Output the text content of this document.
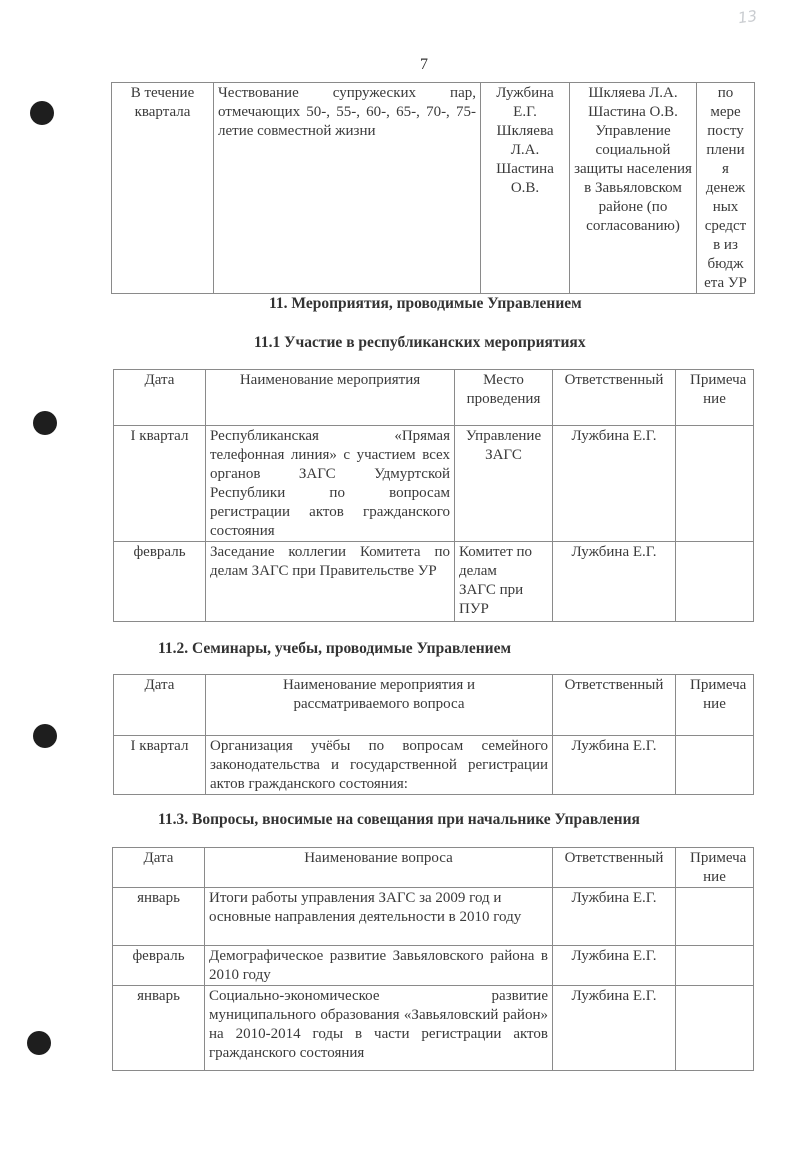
13
7
В течение квартала	Чествование супружеских пар, отмечающих 50-, 55-, 60-, 65-, 70-, 75-летие совместной жизни	Лужбина Е.Г. Шкляева Л.А. Шастина О.В.	Шкляева Л.А. Шастина О.В. Управление социальной защиты населения в Завьяловском районе (по согласованию)	по мере посту плени я денеж ных средст в из бюдж ета УР
11. Мероприятия, проводимые Управлением
11.1 Участие в республиканских мероприятиях
Дата	Наименование мероприятия	Место проведения	Ответственный	Примеча ние
I квартал	Республиканская «Прямая телефонная линия» с участием всех органов ЗАГС Удмуртской Республики по вопросам регистрации актов гражданского состояния	Управление ЗАГС	Лужбина Е.Г.	
февраль	Заседание коллегии Комитета по делам ЗАГС при Правительстве УР	Комитет по делам ЗАГС при ПУР	Лужбина Е.Г.	
11.2. Семинары, учебы, проводимые Управлением
Дата	Наименование мероприятия и рассматриваемого вопроса	Ответственный	Примеча ние
I квартал	Организация учёбы по вопросам семейного законодательства и государственной регистрации актов гражданского состояния:	Лужбина Е.Г.	
11.3. Вопросы, вносимые на совещания при начальнике Управления
Дата	Наименование вопроса	Ответственный	Примеча ние
январь	Итоги работы управления ЗАГС за 2009 год и основные направления деятельности в 2010 году	Лужбина Е.Г.	
февраль	Демографическое развитие Завьяловского района в 2010 году	Лужбина Е.Г.	
январь	Социально-экономическое развитие муниципального образования «Завьяловский район» на 2010-2014 годы в части регистрации актов гражданского состояния	Лужбина Е.Г.	
